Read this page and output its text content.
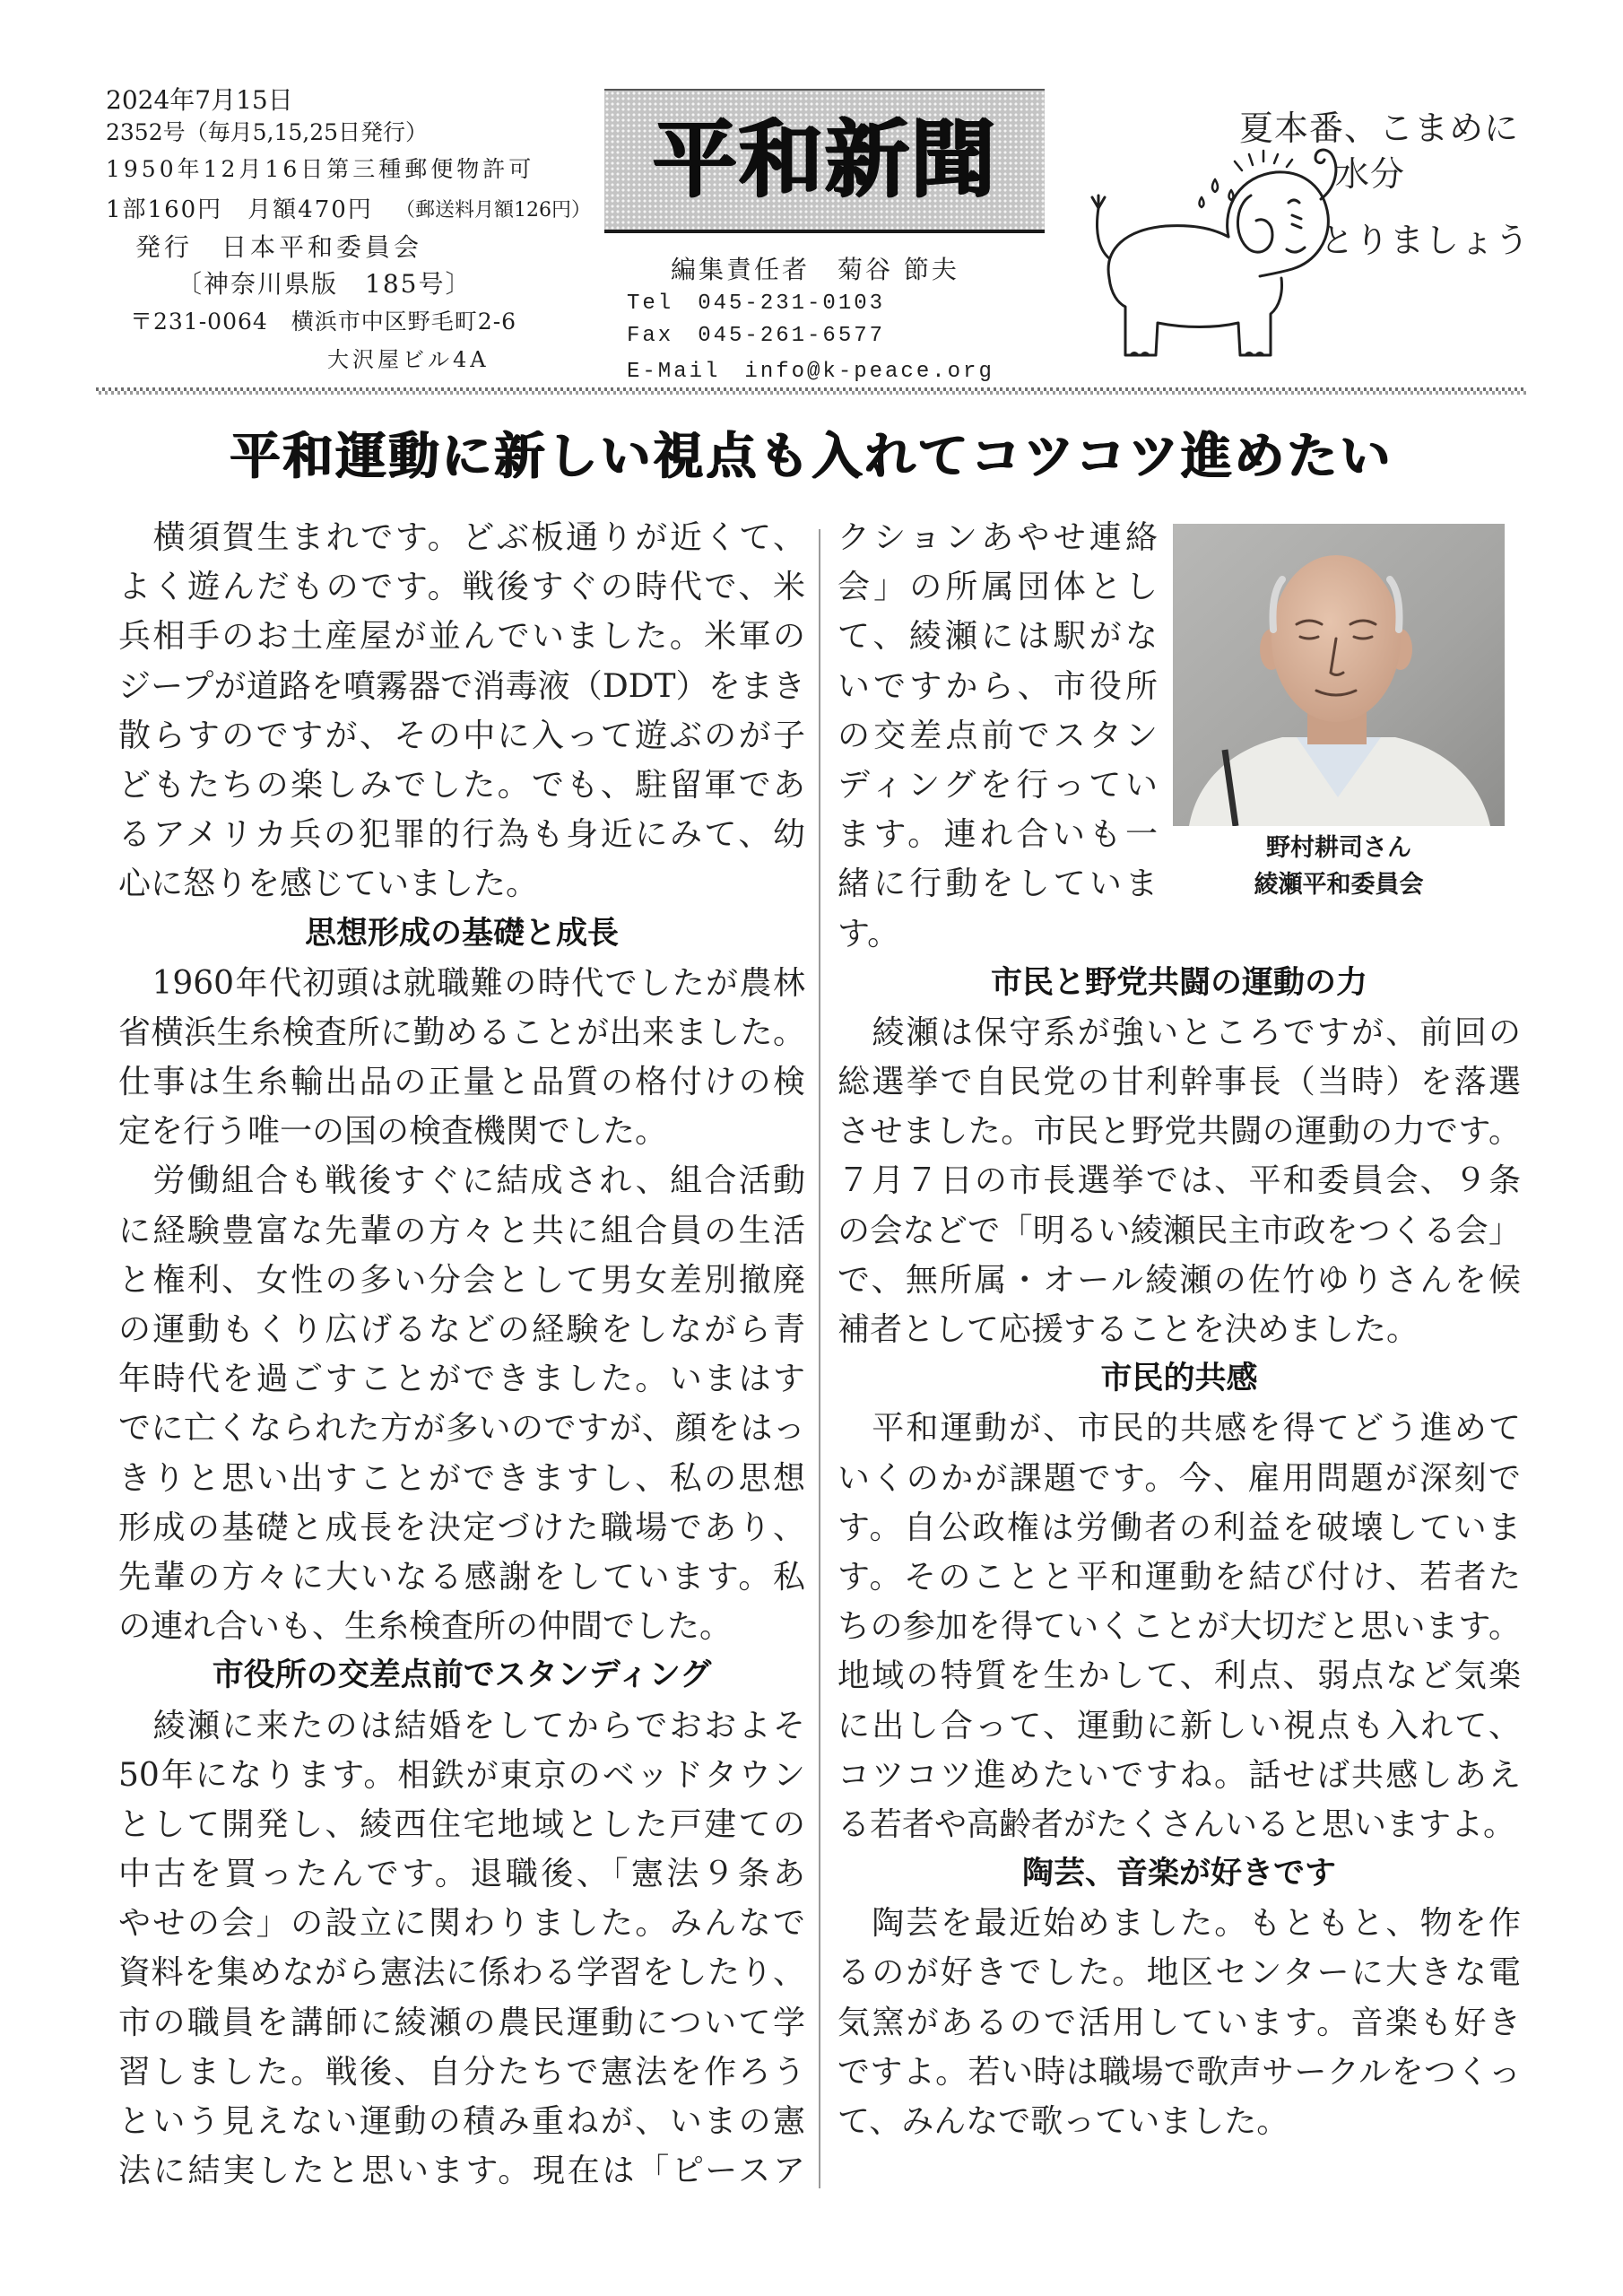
2024年7月15日
2352号（毎月5,15,25日発行）
1950年12月16日第三種郵便物許可
1部160円　月額470円 （郵送料月額126円）
発行　日本平和委員会
〔神奈川県版　185号〕
〒231-0064　横浜市中区野毛町2-6
大沢屋ビル4A
平和新聞
編集責任者　菊谷 節夫
Tel　045-231-0103
Fax　045-261-6577
E-Mail　info@k-peace.org
夏本番、こまめに
水分
とりましょう
平和運動に新しい視点も入れてコツコツ進めたい
　横須賀生まれです。どぶ板通りが近くて、
よく遊んだものです。戦後すぐの時代で、米
兵相手のお土産屋が並んでいました。米軍の
ジープが道路を噴霧器で消毒液（DDT）をまき
散らすのですが、その中に入って遊ぶのが子
どもたちの楽しみでした。でも、駐留軍であ
るアメリカ兵の犯罪的行為も身近にみて、幼
心に怒りを感じていました。
思想形成の基礎と成長
　1960年代初頭は就職難の時代でしたが農林
省横浜生糸検査所に勤めることが出来ました。
仕事は生糸輸出品の正量と品質の格付けの検
定を行う唯一の国の検査機関でした。
　労働組合も戦後すぐに結成され、組合活動
に経験豊富な先輩の方々と共に組合員の生活
と権利、女性の多い分会として男女差別撤廃
の運動もくり広げるなどの経験をしながら青
年時代を過ごすことができました。いまはす
でに亡くなられた方が多いのですが、顔をはっ
きりと思い出すことができますし、私の思想
形成の基礎と成長を決定づけた職場であり、
先輩の方々に大いなる感謝をしています。私
の連れ合いも、生糸検査所の仲間でした。
市役所の交差点前でスタンディング
　綾瀬に来たのは結婚をしてからでおおよそ
50年になります。相鉄が東京のベッドタウン
として開発し、綾西住宅地域とした戸建ての
中古を買ったんです。退職後、「憲法９条あ
やせの会」の設立に関わりました。みんなで
資料を集めながら憲法に係わる学習をしたり、
市の職員を講師に綾瀬の農民運動について学
習しました。戦後、自分たちで憲法を作ろう
という見えない運動の積み重ねが、いまの憲
法に結実したと思います。現在は「ピースア
クションあやせ連絡
会」の所属団体とし
て、綾瀬には駅がな
いですから、市役所
の交差点前でスタン
ディングを行ってい
ます。連れ合いも一
緒に行動をしていま
す。
市民と野党共闘の運動の力
　綾瀬は保守系が強いところですが、前回の
総選挙で自民党の甘利幹事長（当時）を落選
させました。市民と野党共闘の運動の力です。
７月７日の市長選挙では、平和委員会、９条
の会などで「明るい綾瀬民主市政をつくる会」
で、無所属・オール綾瀬の佐竹ゆりさんを候
補者として応援することを決めました。
市民的共感
　平和運動が、市民的共感を得てどう進めて
いくのかが課題です。今、雇用問題が深刻で
す。自公政権は労働者の利益を破壊していま
す。そのことと平和運動を結び付け、若者た
ちの参加を得ていくことが大切だと思います。
地域の特質を生かして、利点、弱点など気楽
に出し合って、運動に新しい視点も入れて、
コツコツ進めたいですね。話せば共感しあえ
る若者や高齢者がたくさんいると思いますよ。
陶芸、音楽が好きです
　陶芸を最近始めました。もともと、物を作
るのが好きでした。地区センターに大きな電
気窯があるので活用しています。音楽も好き
ですよ。若い時は職場で歌声サークルをつくっ
て、みんなで歌っていました。
野村耕司さん
綾瀬平和委員会
